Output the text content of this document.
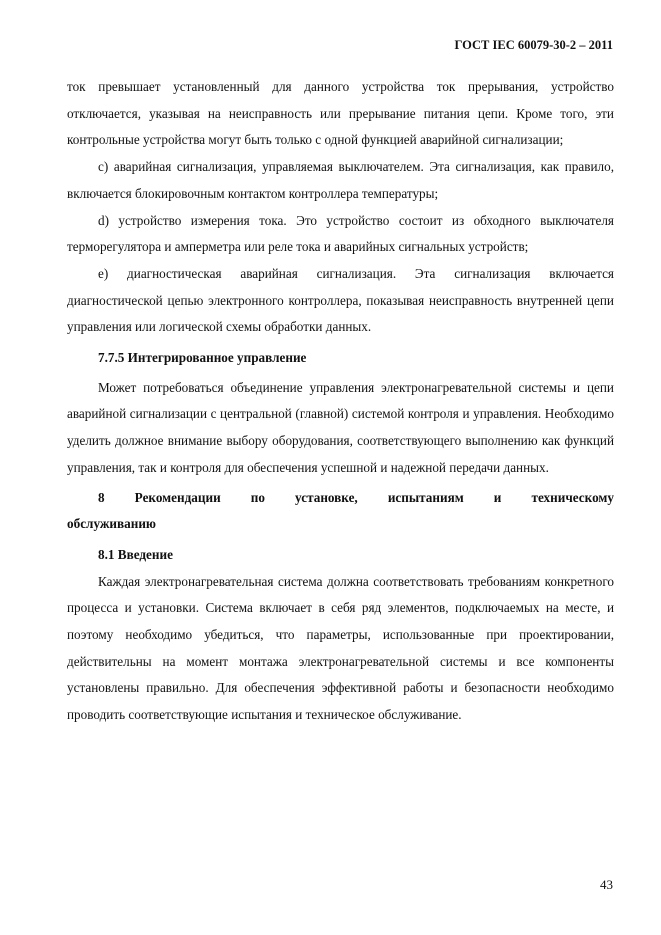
ГОСТ IEC 60079-30-2 – 2011

ток превышает установленный для данного устройства ток прерывания, устройство отключается, указывая на неисправность или прерывание питания цепи. Кроме того, эти контрольные устройства могут быть только с одной функцией аварийной сигнализации;

c) аварийная сигнализация, управляемая выключателем. Эта сигнализация, как правило, включается блокировочным контактом контроллера температуры;

d) устройство измерения тока. Это устройство состоит из обходного выключателя терморегулятора и амперметра или реле тока и аварийных сигнальных устройств;

е) диагностическая аварийная сигнализация. Эта сигнализация включается диагностической цепью электронного контроллера, показывая неисправность внутренней цепи управления или логической схемы обработки данных.

7.7.5 Интегрированное управление

Может потребоваться объединение управления электронагревательной системы и цепи аварийной сигнализации с центральной (главной) системой контроля и управления. Необходимо уделить должное внимание выбору оборудования, соответствующего выполнению как функций управления, так и контроля для обеспечения успешной и надежной передачи данных.

8 Рекомендации по установке, испытаниям и техническому обслуживанию

8.1 Введение

Каждая электронагревательная система должна соответствовать требованиям конкретного процесса и установки. Система включает в себя ряд элементов, подключаемых на месте, и поэтому необходимо убедиться, что параметры, использованные при проектировании, действительны на момент монтажа электронагревательной системы и все компоненты установлены правильно. Для обеспечения эффективной работы и безопасности необходимо проводить соответствующие испытания и техническое обслуживание.

43
